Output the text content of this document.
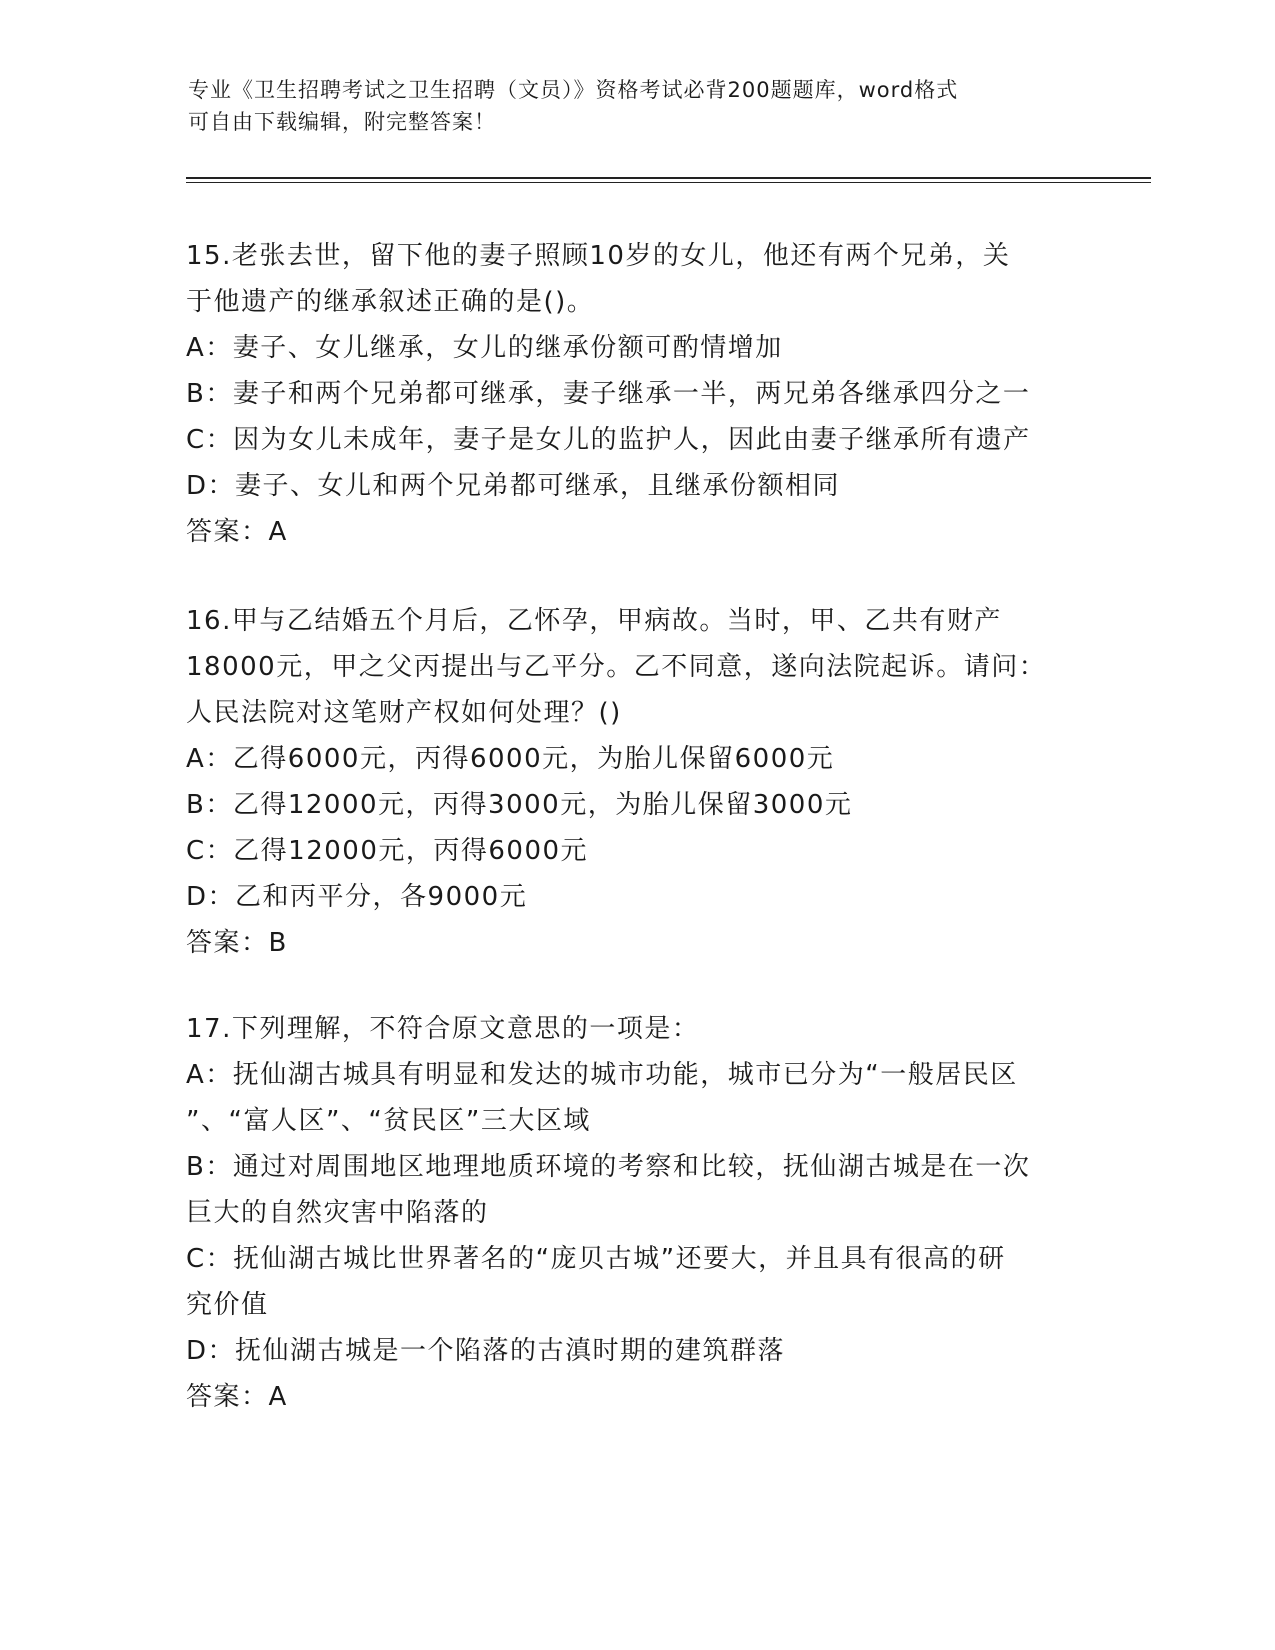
专业《卫生招聘考试之卫生招聘（文员）》资格考试必背200题题库，word格式
可自由下载编辑，附完整答案！
15.老张去世，留下他的妻子照顾10岁的女儿，他还有两个兄弟，关
于他遗产的继承叙述正确的是()。
A：妻子、女儿继承，女儿的继承份额可酌情增加
B：妻子和两个兄弟都可继承，妻子继承一半，两兄弟各继承四分之一
C：因为女儿未成年，妻子是女儿的监护人，因此由妻子继承所有遗产
D：妻子、女儿和两个兄弟都可继承，且继承份额相同
答案：A
16.甲与乙结婚五个月后，乙怀孕，甲病故。当时，甲、乙共有财产
18000元，甲之父丙提出与乙平分。乙不同意，遂向法院起诉。请问：
人民法院对这笔财产权如何处理？()
A：乙得6000元，丙得6000元，为胎儿保留6000元
B：乙得12000元，丙得3000元，为胎儿保留3000元
C：乙得12000元，丙得6000元
D：乙和丙平分，各9000元
答案：B
17.下列理解，不符合原文意思的一项是：
A：抚仙湖古城具有明显和发达的城市功能，城市已分为“一般居民区
”、“富人区”、“贫民区”三大区域
B：通过对周围地区地理地质环境的考察和比较，抚仙湖古城是在一次
巨大的自然灾害中陷落的
C：抚仙湖古城比世界著名的“庞贝古城”还要大，并且具有很高的研
究价值
D：抚仙湖古城是一个陷落的古滇时期的建筑群落
答案：A
